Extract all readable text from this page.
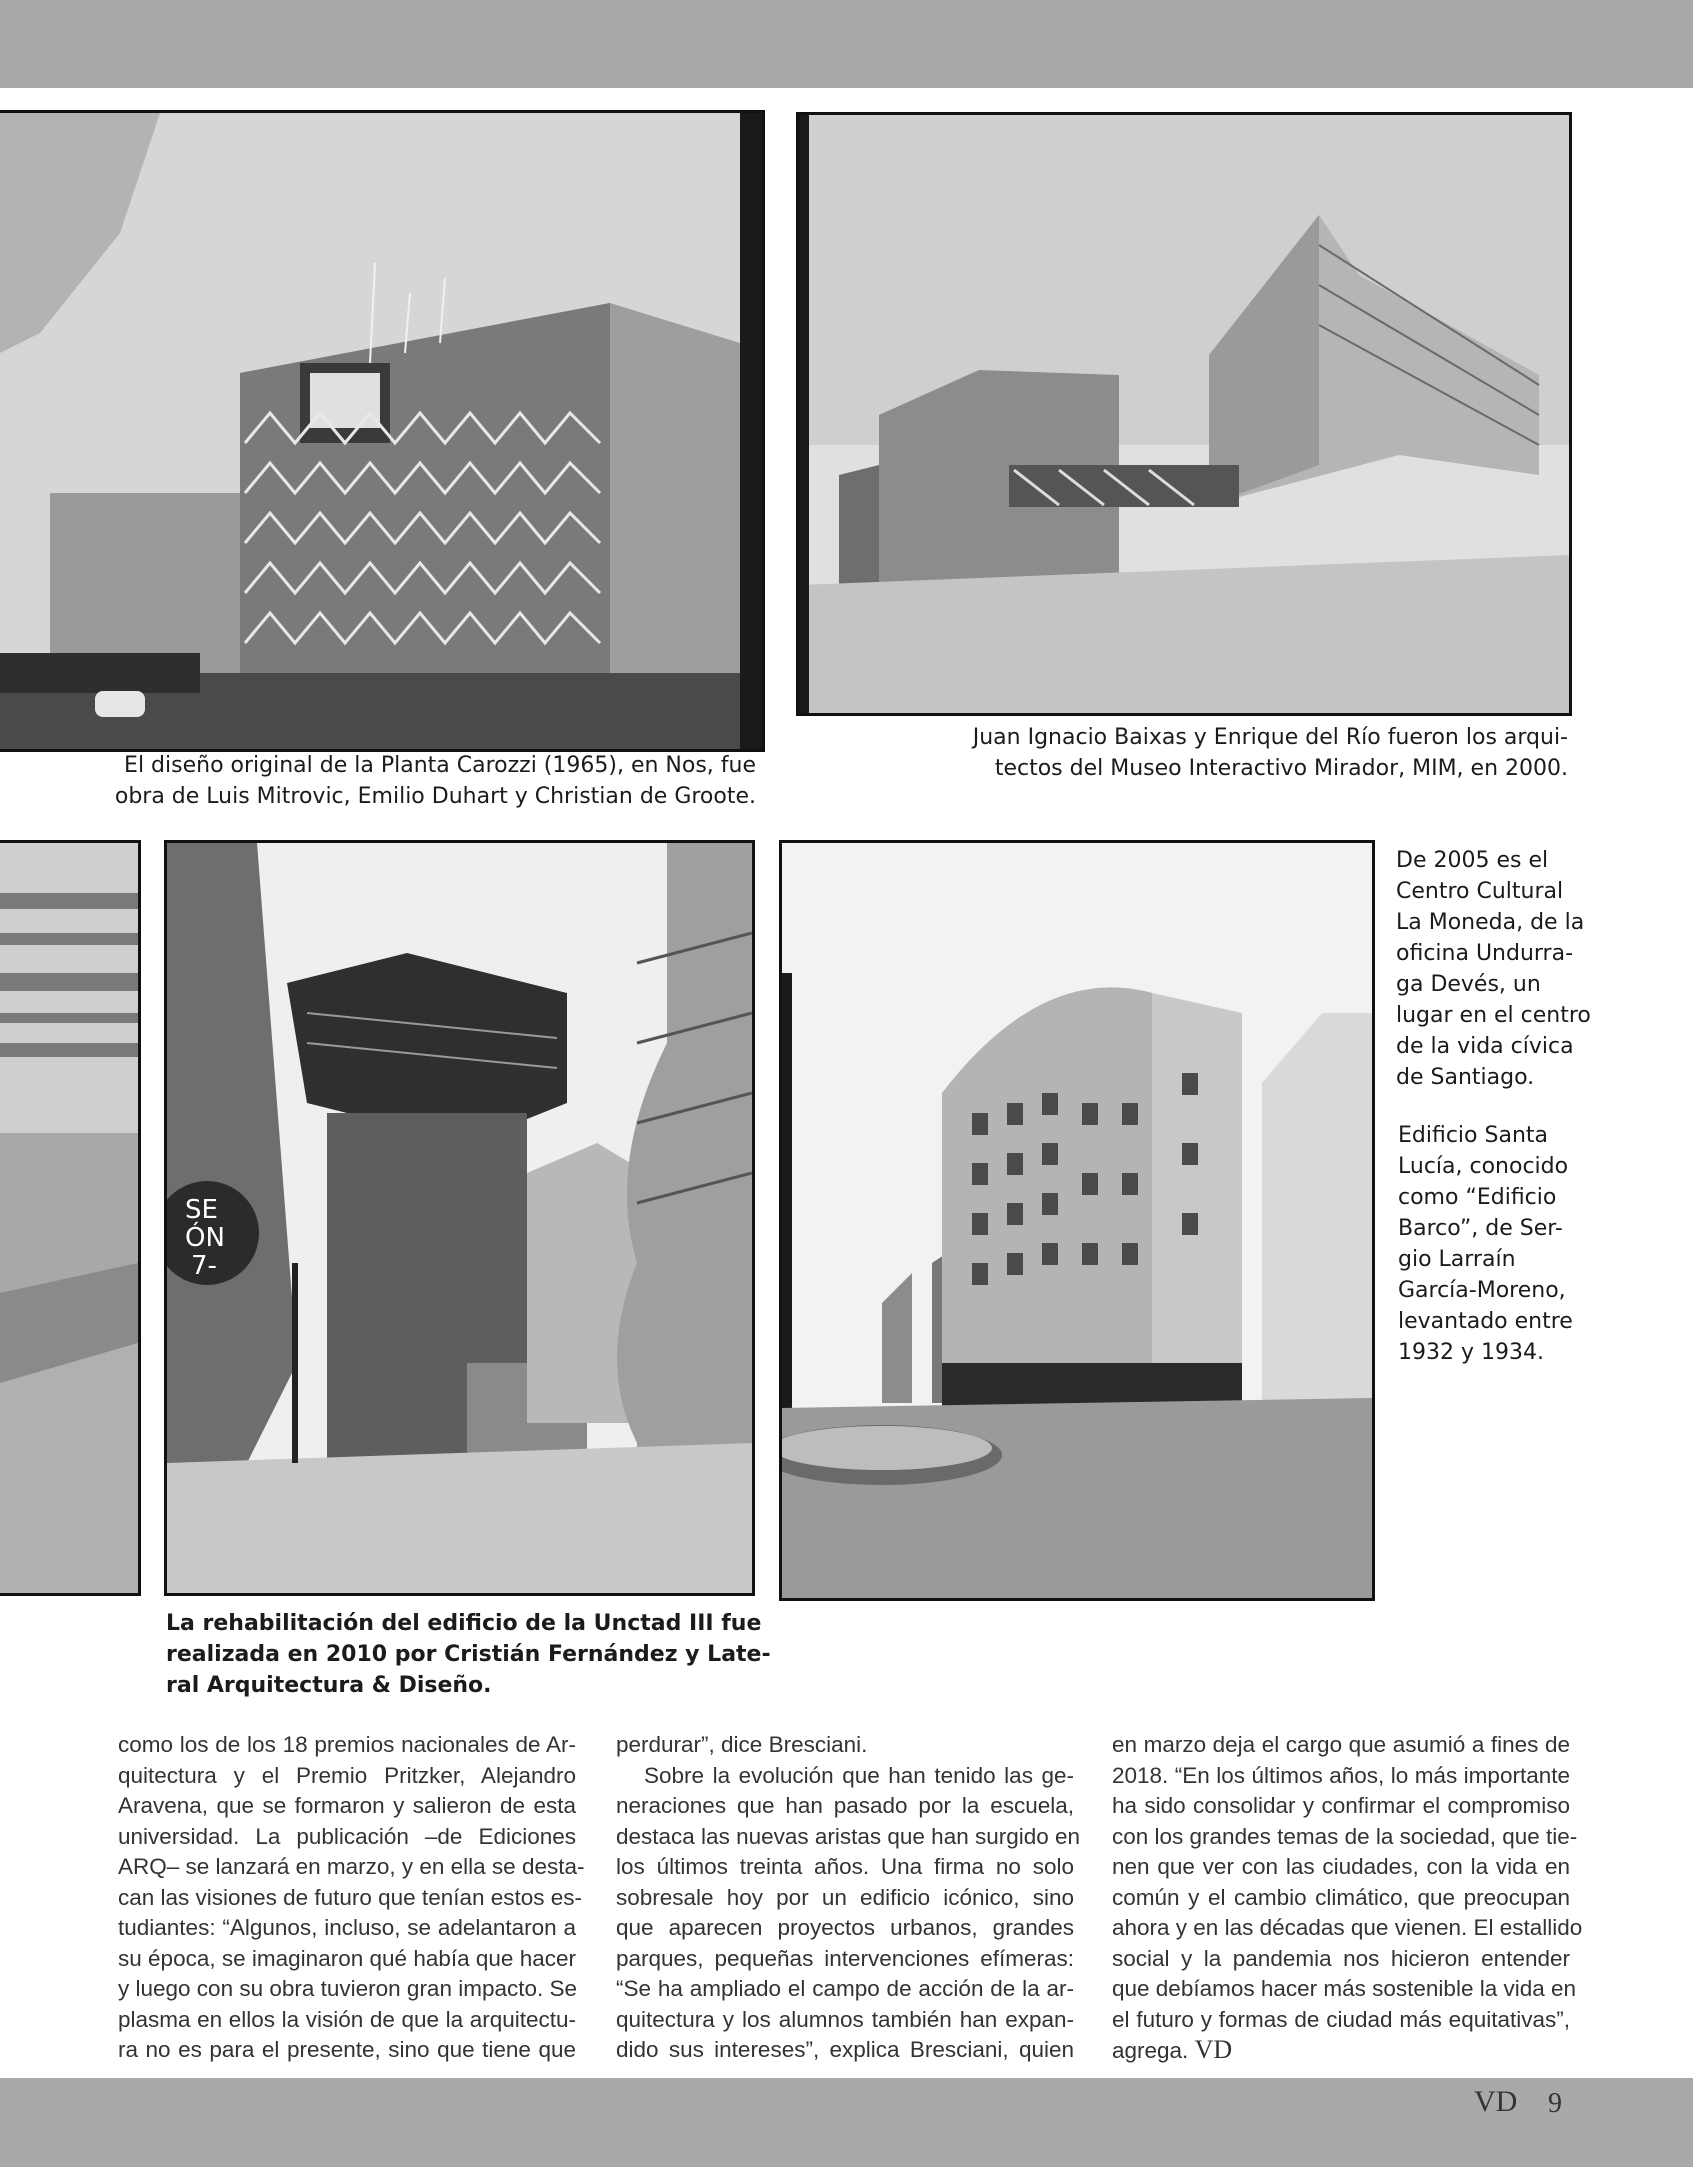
El diseño original de la Planta Carozzi (1965), en Nos, fue
obra de Luis Mitrovic, Emilio Duhart y Christian de Groote.
Juan Ignacio Baixas y Enrique del Río fueron los arqui-
tectos del Museo Interactivo Mirador, MIM, en 2000.
SE
ÓN
7-
La rehabilitación del edificio de la Unctad III fue
realizada en 2010 por Cristián Fernández y Late-
ral Arquitectura & Diseño.
De 2005 es el
Centro Cultural
La Moneda, de la
oficina Undurra-
ga Devés, un
lugar en el centro
de la vida cívica
de Santiago.
Edificio Santa
Lucía, conocido
como “Edificio
Barco”, de Ser-
gio Larraín
García-Moreno,
levantado entre
1932 y 1934.
como los de los 18 premios nacionales de Ar-
quitectura y el Premio Pritzker, Alejandro
Aravena, que se formaron y salieron de esta
universidad. La publicación –de Ediciones
ARQ– se lanzará en marzo, y en ella se desta-
can las visiones de futuro que tenían estos es-
tudiantes: “Algunos, incluso, se adelantaron a
su época, se imaginaron qué había que hacer
y luego con su obra tuvieron gran impacto. Se
plasma en ellos la visión de que la arquitectu-
ra no es para el presente, sino que tiene que
perdurar”, dice Bresciani.
Sobre la evolución que han tenido las ge-
neraciones que han pasado por la escuela,
destaca las nuevas aristas que han surgido en
los últimos treinta años. Una firma no solo
sobresale hoy por un edificio icónico, sino
que aparecen proyectos urbanos, grandes
parques, pequeñas intervenciones efímeras:
“Se ha ampliado el campo de acción de la ar-
quitectura y los alumnos también han expan-
dido sus intereses”, explica Bresciani, quien
en marzo deja el cargo que asumió a fines de
2018. “En los últimos años, lo más importante
ha sido consolidar y confirmar el compromiso
con los grandes temas de la sociedad, que tie-
nen que ver con las ciudades, con la vida en
común y el cambio climático, que preocupan
ahora y en las décadas que vienen. El estallido
social y la pandemia nos hicieron entender
que debíamos hacer más sostenible la vida en
el futuro y formas de ciudad más equitativas”,
agrega. VD
VD 9
